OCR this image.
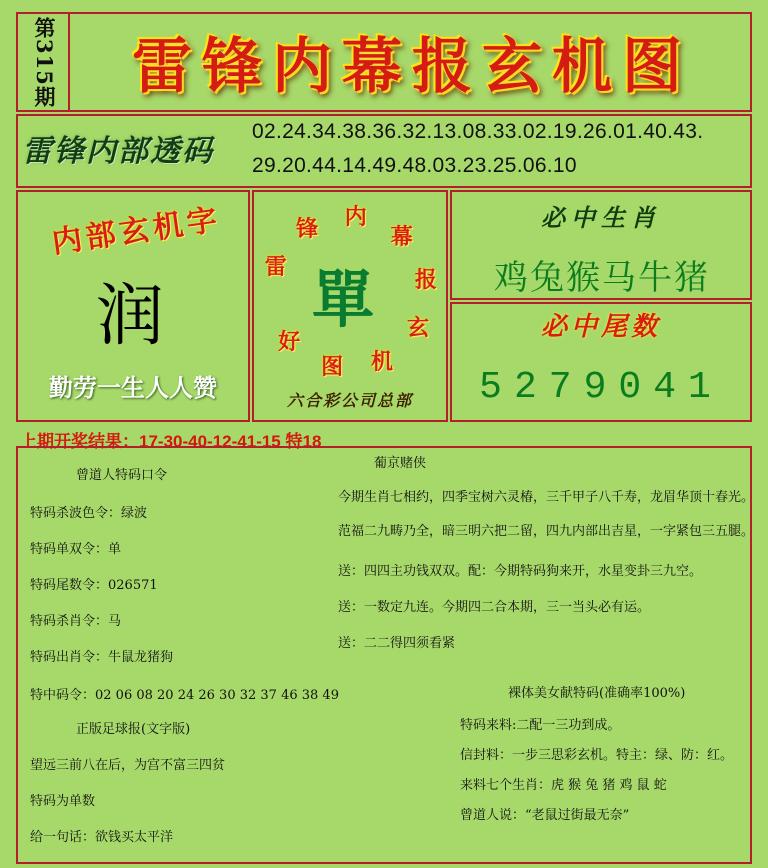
第315期 雷锋内幕报玄机图
雷锋内部透码
02.24.34.38.36.32.13.08.33.02.19.26.01.40.43.
29.20.44.14.49.48.03.23.25.06.10
内部玄机字
润
勤劳一生人人赞
雷
锋 内
幕
报
玄
机
图
好
單
六合彩公司总部
必中生肖
鸡兔猴马牛猪
必中尾数
5279041
上期开奖结果：17-30-40-12-41-15 特18
曾道人特码口令
特码杀波色令：绿波
特码单双令：单
特码尾数令：026571
特码杀肖令：马
特码出肖令：牛鼠龙猪狗
特中码令：02 06 08 20 24 26 30 32 37 46 38 49
正版足球报(文字版)
望远三前八在后，为宫不富三四贫
特码为单数
给一句话：欲钱买太平洋
葡京赌侠
今期生肖七相约，四季宝树六灵椿，三千甲子八千寿，龙眉华顶十春光。
范福二九畴乃全，暗三明六把二留，四九内部出吉星，一字紧包三五腿。
送：四四主功钱双双。配：今期特码狗来开，水星变卦三九空。
送：一数定九连。今期四二合本期，三一当头必有运。
送：二二得四须看紧
裸体美女献特码(准确率100%)
特码来料:二配一三功到成。
信封料：一步三思彩玄机。特主：绿、防：红。
来料七个生肖：虎 猴 兔 猪 鸡 鼠 蛇
曾道人说：“老鼠过街最无奈”
